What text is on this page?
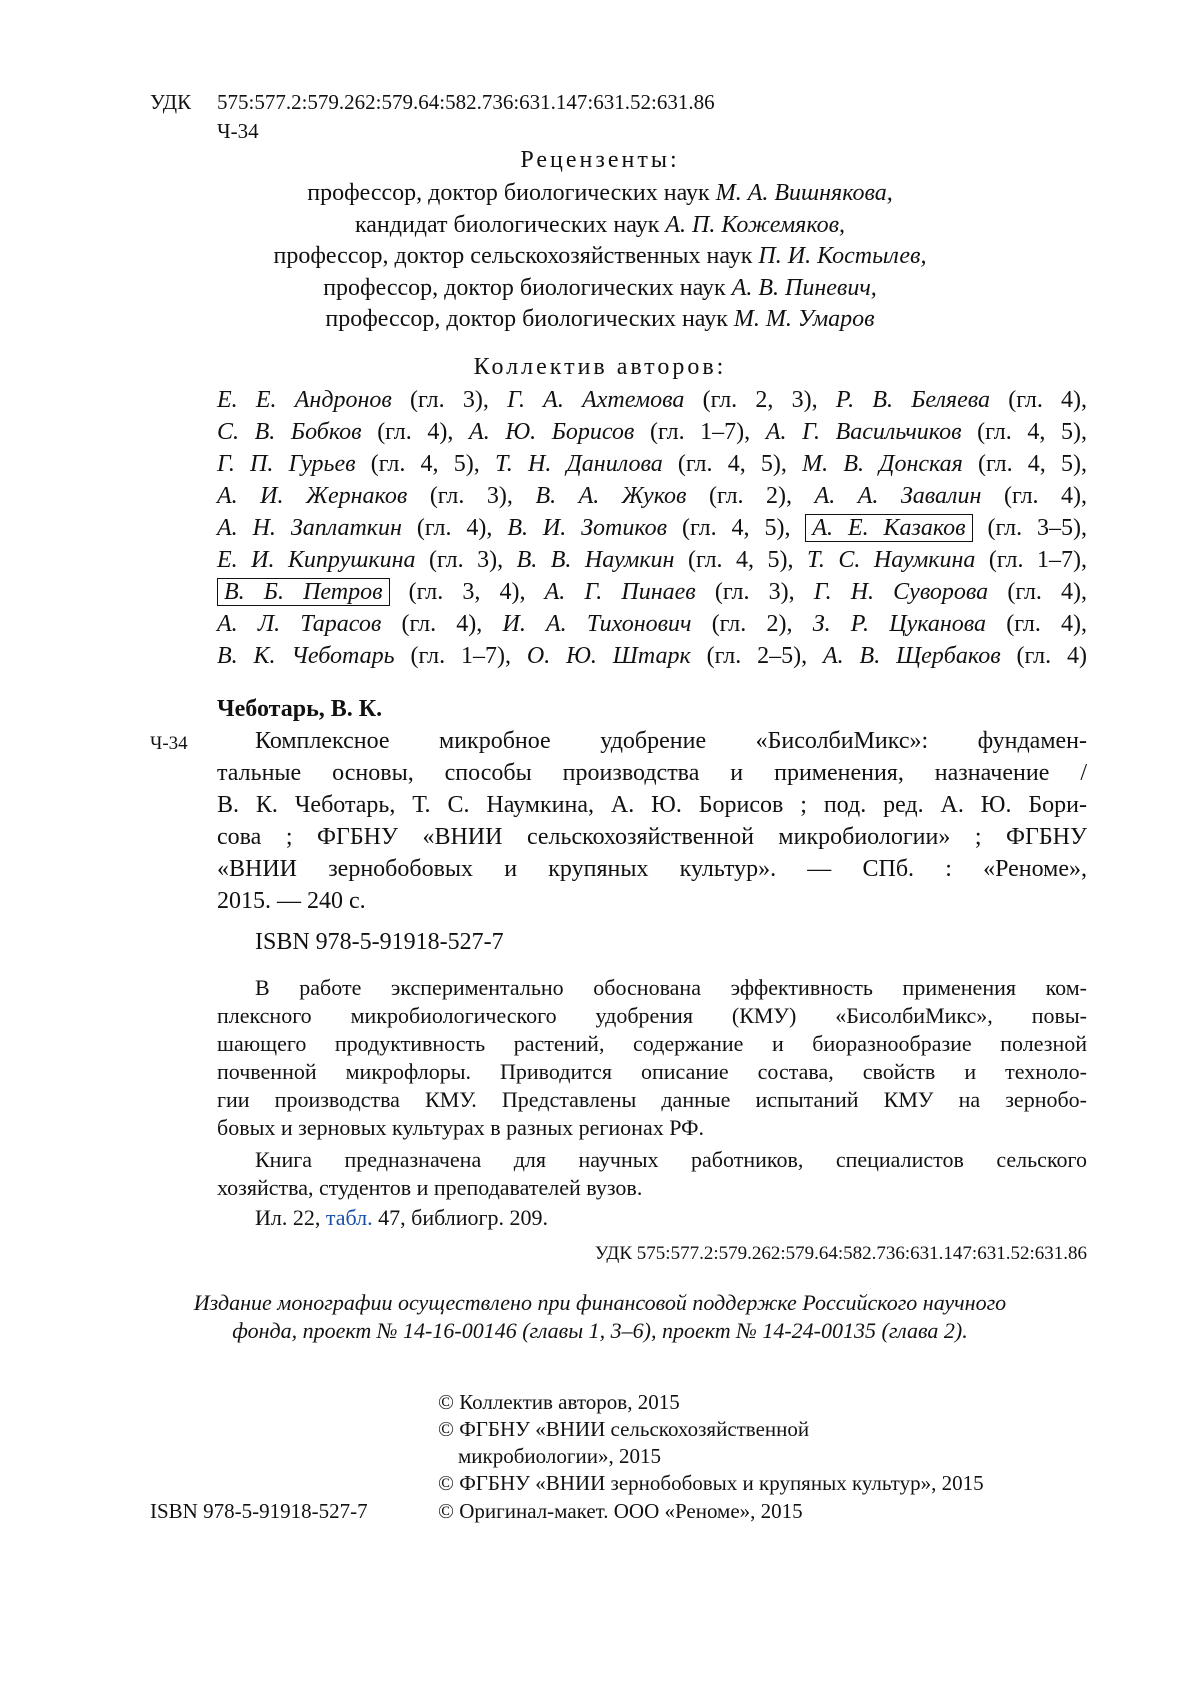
УДК 575:577.2:579.262:579.64:582.736:631.147:631.52:631.86
Ч-34
Рецензенты:
профессор, доктор биологических наук М. А. Вишнякова,
кандидат биологических наук А. П. Кожемяков,
профессор, доктор сельскохозяйственных наук П. И. Костылев,
профессор, доктор биологических наук А. В. Пиневич,
профессор, доктор биологических наук М. М. Умаров
Коллектив авторов:
Е. Е. Андронов (гл. 3), Г. А. Ахтемова (гл. 2, 3), Р. В. Беляева (гл. 4),
С. В. Бобков (гл. 4), А. Ю. Борисов (гл. 1–7), А. Г. Васильчиков (гл. 4, 5),
Г. П. Гурьев (гл. 4, 5), Т. Н. Данилова (гл. 4, 5), М. В. Донская (гл. 4, 5),
А. И. Жернаков (гл. 3), В. А. Жуков (гл. 2), А. А. Завалин (гл. 4),
А. Н. Заплаткин (гл. 4), В. И. Зотиков (гл. 4, 5), А. Е. Казаков (гл. 3–5),
Е. И. Кипрушкина (гл. 3), В. В. Наумкин (гл. 4, 5), Т. С. Наумкина (гл. 1–7),
В. Б. Петров (гл. 3, 4), А. Г. Пинаев (гл. 3), Г. Н. Суворова (гл. 4),
А. Л. Тарасов (гл. 4), И. А. Тихонович (гл. 2), З. Р. Цуканова (гл. 4),
В. К. Чеботарь (гл. 1–7), О. Ю. Штарк (гл. 2–5), А. В. Щербаков (гл. 4)
Чеботарь, В. К.
Ч-34	Комплексное микробное удобрение «БисолбиМикс»: фундамен-
тальные основы, способы производства и применения, назначение /
В. К. Чеботарь, Т. С. Наумкина, А. Ю. Борисов ; под. ред. А. Ю. Бори-
сова ; ФГБНУ «ВНИИ сельскохозяйственной микробиологии» ; ФГБНУ
«ВНИИ зернобобовых и крупяных культур». — СПб. : «Реноме»,
2015. — 240 с.
ISBN 978-5-91918-527-7
В работе экспериментально обоснована эффективность применения ком-
плексного микробиологического удобрения (КМУ) «БисолбиМикс», повы-
шающего продуктивность растений, содержание и биоразнообразие полезной
почвенной микрофлоры. Приводится описание состава, свойств и техноло-
гии производства КМУ. Представлены данные испытаний КМУ на зернобо-
бовых и зерновых культурах в разных регионах РФ.
Книга предназначена для научных работников, специалистов сельского
хозяйства, студентов и преподавателей вузов.
Ил. 22, табл. 47, библиогр. 209.
УДК 575:577.2:579.262:579.64:582.736:631.147:631.52:631.86
Издание монографии осуществлено при финансовой поддержке Российского научного
фонда, проект № 14-16-00146 (главы 1, 3–6), проект № 14-24-00135 (глава 2).
© Коллектив авторов, 2015
© ФГБНУ «ВНИИ сельскохозяйственной
микробиологии», 2015
© ФГБНУ «ВНИИ зернобобовых и крупяных культур», 2015
ISBN 978-5-91918-527-7	© Оригинал-макет. ООО «Реноме», 2015
